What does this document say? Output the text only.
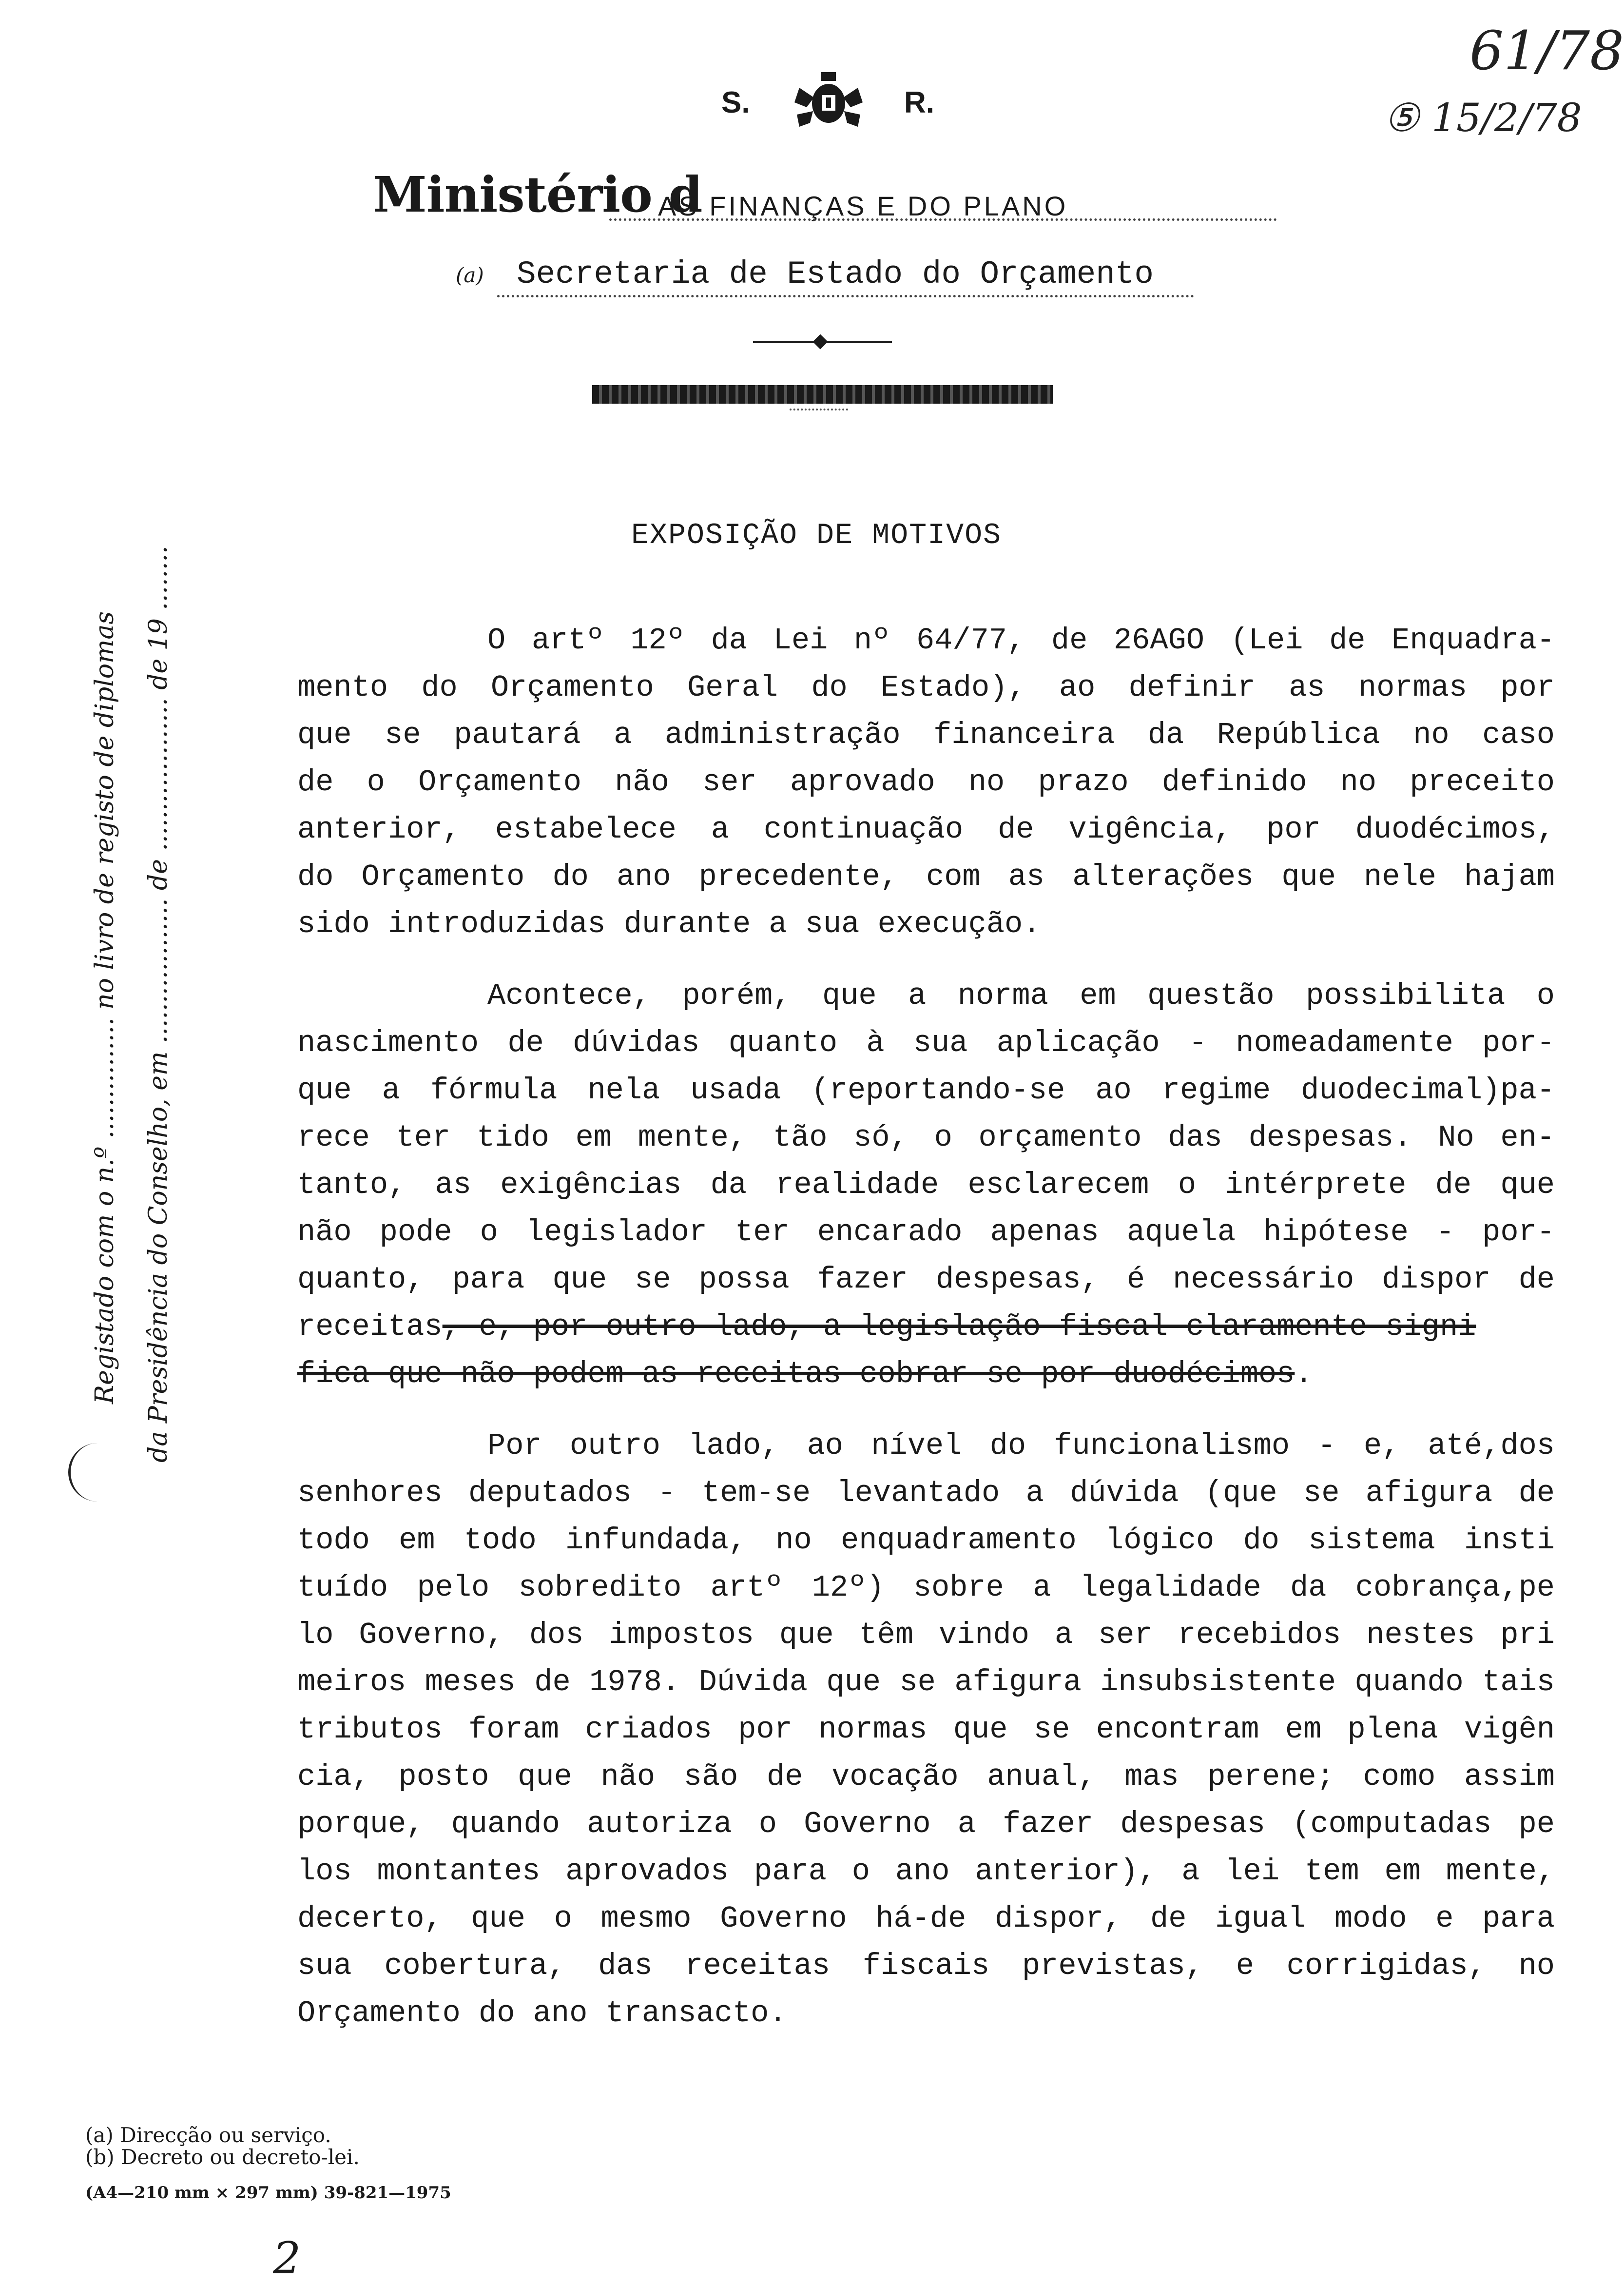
S.	R.
61/78
⑤ 15/2/78
Ministério d
AS FINANÇAS E DO PLANO
(a) Secretaria de Estado do Orçamento
EXPOSIÇÃO DE MOTIVOS

O artº 12º da Lei nº 64/77, de 26AGO (Lei de Enquadra-

mento do Orçamento Geral do Estado), ao definir as normas por

que se pautará a administração financeira da República no caso

de o Orçamento não ser aprovado no prazo definido no preceito

anterior, estabelece a continuação de vigência, por duodécimos,

do Orçamento do ano precedente, com as alterações que nele hajam

sido introduzidas durante a sua execução.

Acontece, porém, que a norma em questão possibilita o

nascimento de dúvidas quanto à sua aplicação - nomeadamente por-

que a fórmula nela usada (reportando-se ao regime duodecimal)pa-

rece ter tido em mente, tão só, o orçamento das despesas. No en-

tanto, as exigências da realidade esclarecem o intérprete de que

não pode o legislador ter encarado apenas aquela hipótese - por-

quanto, para que se possa fazer despesas, é necessário dispor de

receitas, e, por outro lado, a legislação fiscal claramente signi

fica que não podem as receitas cobrar-se por duodécimos.

Por outro lado, ao nível do funcionalismo - e, até,dos

senhores deputados - tem-se levantado a dúvida (que se afigura de

todo em todo infundada, no enquadramento lógico do sistema insti

tuído pelo sobredito artº 12º) sobre a legalidade da cobrança,pe

lo Governo, dos impostos que têm vindo a ser recebidos nestes pri

meiros meses de 1978. Dúvida que se afigura insubsistente quando tais

tributos foram criados por normas que se encontram em plena vigên

cia, posto que não são de vocação anual, mas perene; como assim

porque, quando autoriza o Governo a fazer despesas (computadas pe

los montantes aprovados para o ano anterior), a lei tem em mente,

decerto, que o mesmo Governo há-de dispor, de igual modo e para

sua cobertura, das receitas fiscais previstas, e corrigidas, no

Orçamento do ano transacto.

Registado com o n.º ............... no livro de registo de diplomas da Presidência do Conselho, em .................. de ................... de 19 ........
(a) Direcção ou serviço.
(b) Decreto ou decreto-lei.
(A4—210 mm × 297 mm) 39-821—1975
2
